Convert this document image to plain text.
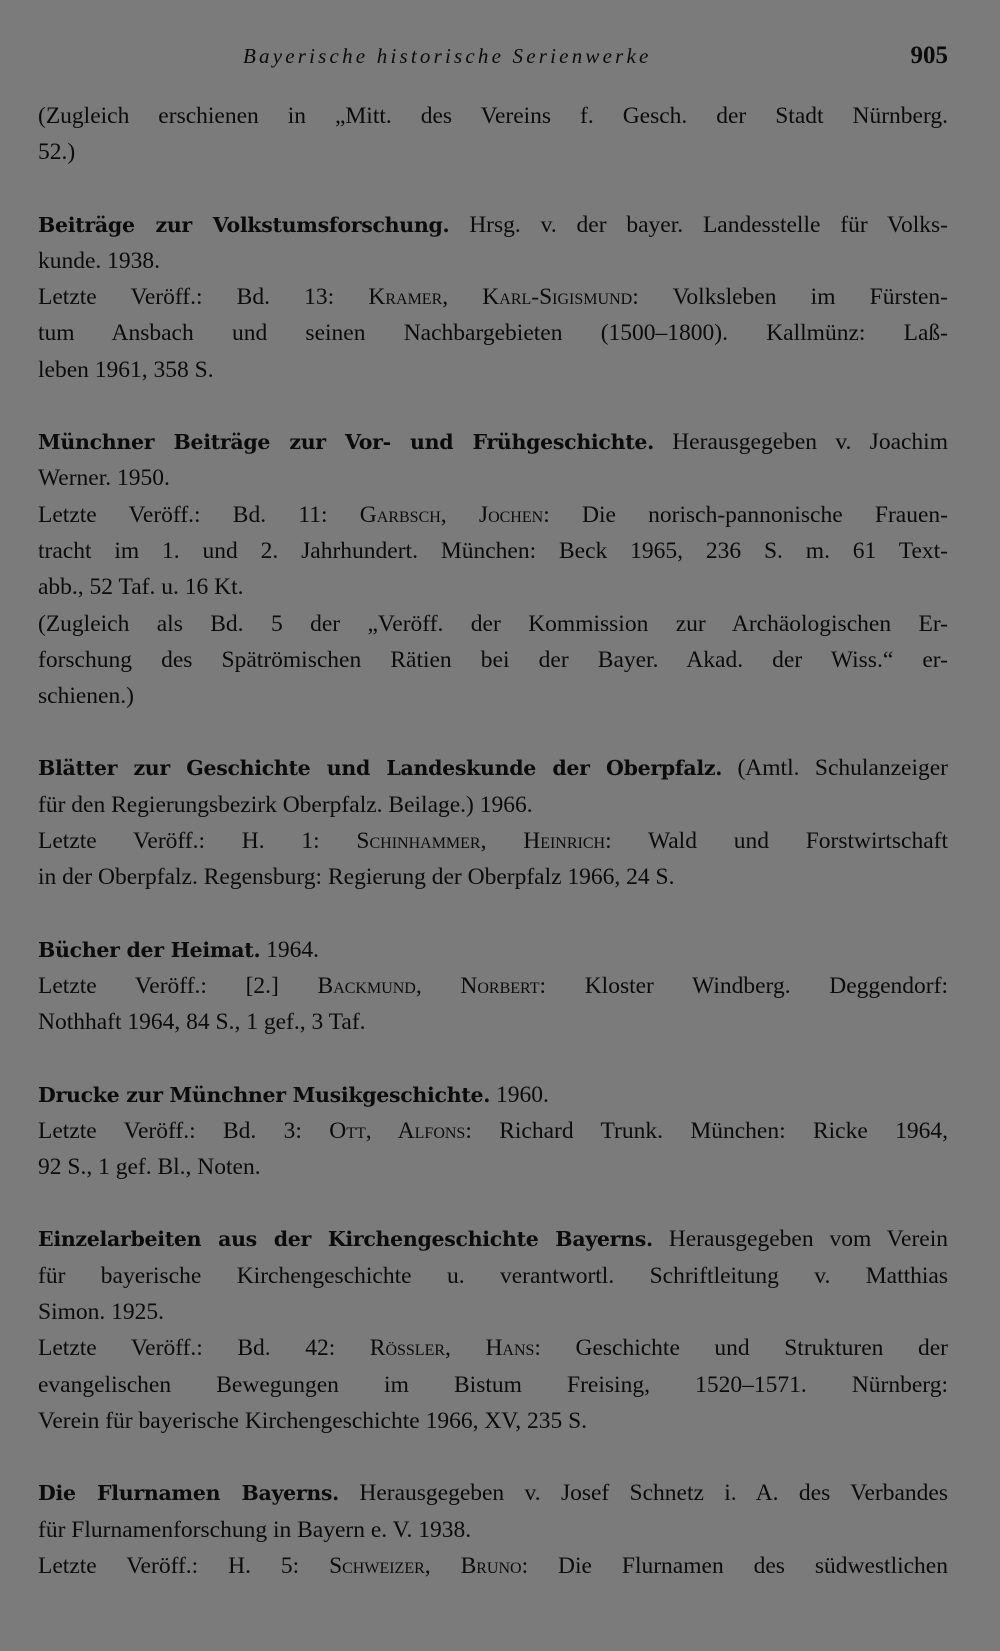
Bayerische historische Serienwerke	905
(Zugleich erschienen in „Mitt. des Vereins f. Gesch. der Stadt Nürnberg.
52.)
Beiträge zur Volkstumsforschung. Hrsg. v. der bayer. Landesstelle für Volks-
kunde. 1938.
Letzte Veröff.: Bd. 13: Kramer, Karl-Sigismund: Volksleben im Fürsten-
tum Ansbach und seinen Nachbargebieten (1500–1800). Kallmünz: Laß-
leben 1961, 358 S.
Münchner Beiträge zur Vor- und Frühgeschichte. Herausgegeben v. Joachim
Werner. 1950.
Letzte Veröff.: Bd. 11: Garbsch, Jochen: Die norisch-pannonische Frauen-
tracht im 1. und 2. Jahrhundert. München: Beck 1965, 236 S. m. 61 Text-
abb., 52 Taf. u. 16 Kt.
(Zugleich als Bd. 5 der „Veröff. der Kommission zur Archäologischen Er-
forschung des Spätrömischen Rätien bei der Bayer. Akad. der Wiss.“ er-
schienen.)
Blätter zur Geschichte und Landeskunde der Oberpfalz. (Amtl. Schulanzeiger
für den Regierungsbezirk Oberpfalz. Beilage.) 1966.
Letzte Veröff.: H. 1: Schinhammer, Heinrich: Wald und Forstwirtschaft
in der Oberpfalz. Regensburg: Regierung der Oberpfalz 1966, 24 S.
Bücher der Heimat. 1964.
Letzte Veröff.: [2.] Backmund, Norbert: Kloster Windberg. Deggendorf:
Nothhaft 1964, 84 S., 1 gef., 3 Taf.
Drucke zur Münchner Musikgeschichte. 1960.
Letzte Veröff.: Bd. 3: Ott, Alfons: Richard Trunk. München: Ricke 1964,
92 S., 1 gef. Bl., Noten.
Einzelarbeiten aus der Kirchengeschichte Bayerns. Herausgegeben vom Verein
für bayerische Kirchengeschichte u. verantwortl. Schriftleitung v. Matthias
Simon. 1925.
Letzte Veröff.: Bd. 42: Rössler, Hans: Geschichte und Strukturen der
evangelischen Bewegungen im Bistum Freising, 1520–1571. Nürnberg:
Verein für bayerische Kirchengeschichte 1966, XV, 235 S.
Die Flurnamen Bayerns. Herausgegeben v. Josef Schnetz i. A. des Verbandes
für Flurnamenforschung in Bayern e. V. 1938.
Letzte Veröff.: H. 5: Schweizer, Bruno: Die Flurnamen des südwestlichen
